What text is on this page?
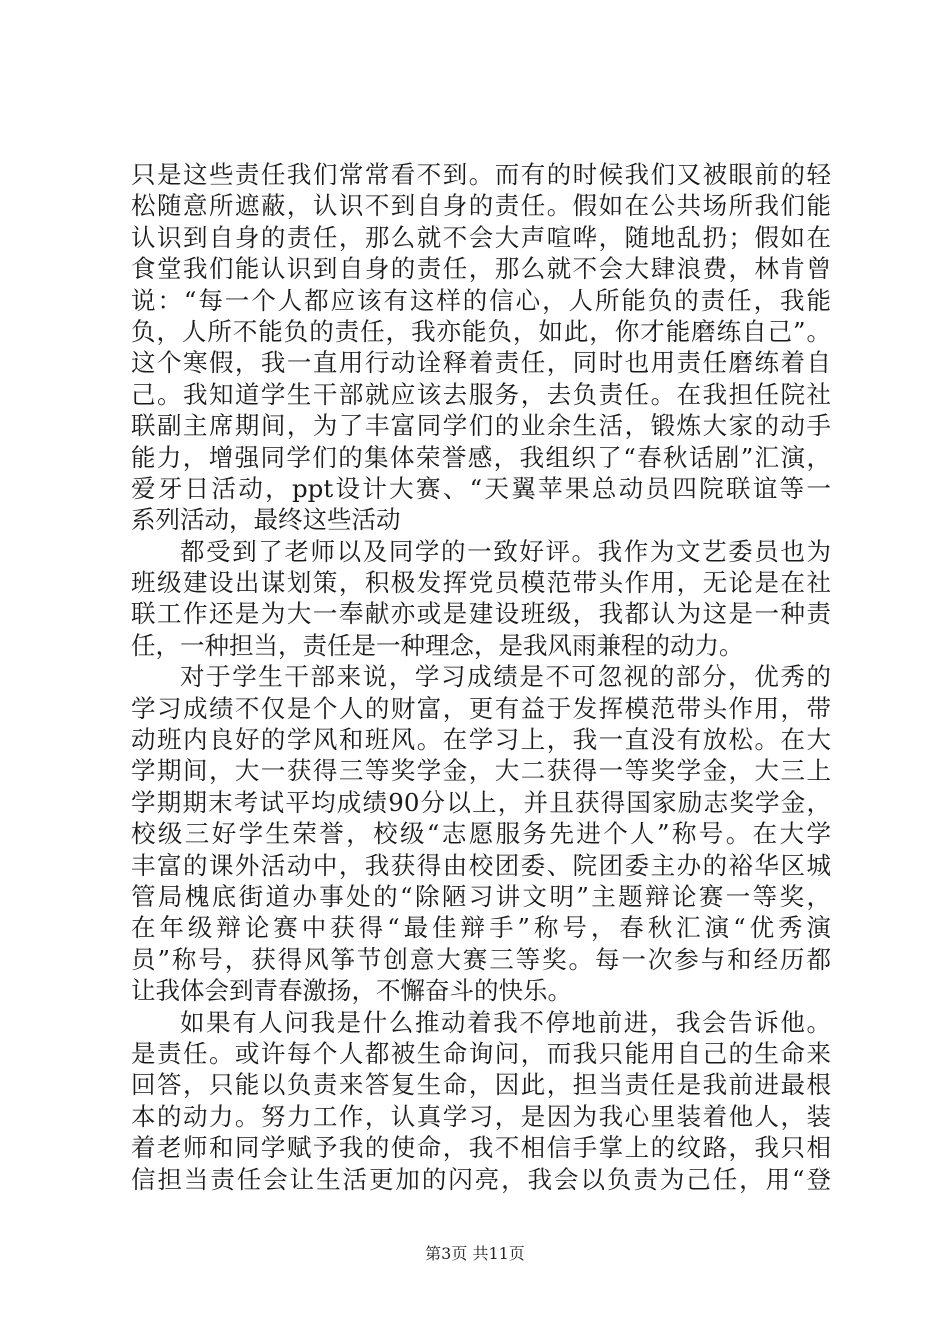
只是这些责任我们常常看不到。而有的时候我们又被眼前的轻
松随意所遮蔽，认识不到自身的责任。假如在公共场所我们能
认识到自身的责任，那么就不会大声喧哗，随地乱扔；假如在
食堂我们能认识到自身的责任，那么就不会大肆浪费，林肯曾
说：“每一个人都应该有这样的信心，人所能负的责任，我能
负，人所不能负的责任，我亦能负，如此，你才能磨练自己”。
这个寒假，我一直用行动诠释着责任，同时也用责任磨练着自
己。我知道学生干部就应该去服务，去负责任。在我担任院社
联副主席期间，为了丰富同学们的业余生活，锻炼大家的动手
能力，增强同学们的集体荣誉感，我组织了“春秋话剧”汇演，
爱牙日活动，ppt设计大赛、“天翼苹果总动员四院联谊等一
系列活动，最终这些活动
都受到了老师以及同学的一致好评。我作为文艺委员也为
班级建设出谋划策，积极发挥党员模范带头作用，无论是在社
联工作还是为大一奉献亦或是建设班级，我都认为这是一种责
任，一种担当，责任是一种理念，是我风雨兼程的动力。
对于学生干部来说，学习成绩是不可忽视的部分，优秀的
学习成绩不仅是个人的财富，更有益于发挥模范带头作用，带
动班内良好的学风和班风。在学习上，我一直没有放松。在大
学期间，大一获得三等奖学金，大二获得一等奖学金，大三上
学期期末考试平均成绩90分以上，并且获得国家励志奖学金，
校级三好学生荣誉，校级“志愿服务先进个人”称号。在大学
丰富的课外活动中，我获得由校团委、院团委主办的裕华区城
管局槐底街道办事处的“除陋习讲文明”主题辩论赛一等奖，
在年级辩论赛中获得“最佳辩手”称号，春秋汇演“优秀演
员”称号，获得风筝节创意大赛三等奖。每一次参与和经历都
让我体会到青春激扬，不懈奋斗的快乐。
如果有人问我是什么推动着我不停地前进，我会告诉他。
是责任。或许每个人都被生命询问，而我只能用自己的生命来
回答，只能以负责来答复生命，因此，担当责任是我前进最根
本的动力。努力工作，认真学习，是因为我心里装着他人，装
着老师和同学赋予我的使命，我不相信手掌上的纹路，我只相
信担当责任会让生活更加的闪亮，我会以负责为己任，用“登
第3页 共11页
